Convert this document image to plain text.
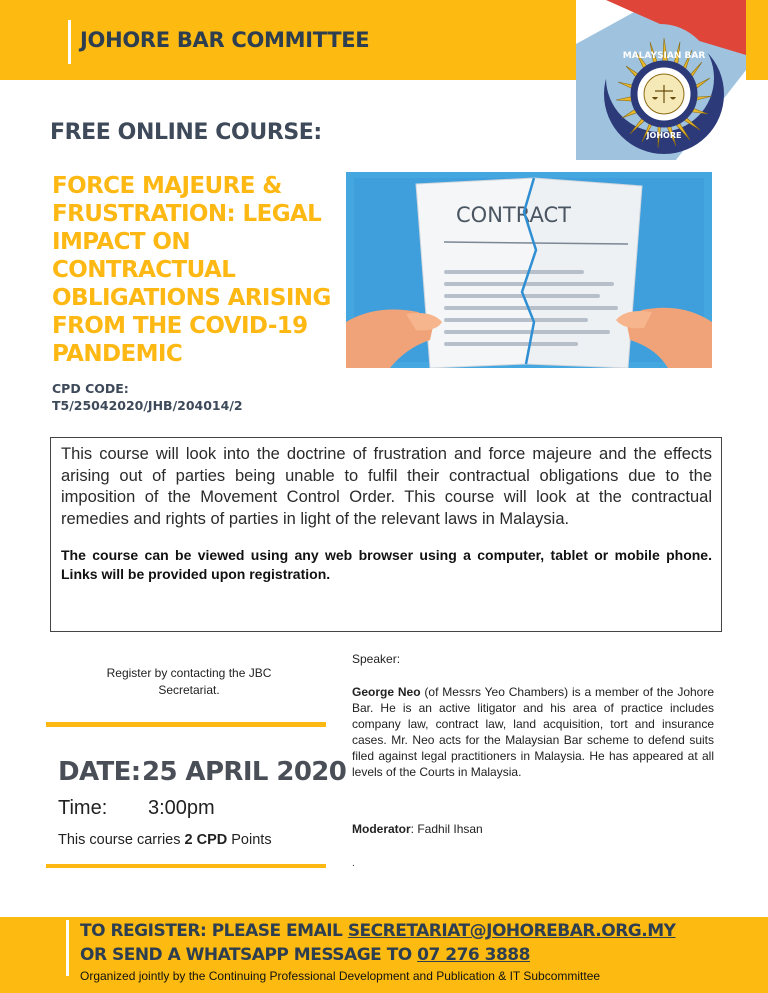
JOHORE BAR COMMITTEE
MALAYSIAN BAR
JOHORE
FREE ONLINE COURSE:
FORCE MAJEURE & FRUSTRATION: LEGAL IMPACT ON CONTRACTUAL OBLIGATIONS ARISING FROM THE COVID-19 PANDEMIC
CPD CODE:
T5/25042020/JHB/204014/2
CONTRACT

This course will look into the doctrine of frustration and force majeure and the effects arising out of parties being unable to fulfil their contractual obligations due to the imposition of the Movement Control Order. This course will look at the contractual remedies and rights of parties in light of the relevant laws in Malaysia.

The course can be viewed using any web browser using a computer, tablet or mobile phone. Links will be provided upon registration.

Register by contacting the JBC Secretariat.
DATE: 25 APRIL 2020
Time: 3:00pm
This course carries 2 CPD Points
Speaker:

George Neo (of Messrs Yeo Chambers) is a member of the Johore Bar. He is an active litigator and his area of practice includes company law, contract law, land acquisition, tort and insurance cases. Mr. Neo acts for the Malaysian Bar scheme to defend suits filed against legal practitioners in Malaysia. He has appeared at all levels of the Courts in Malaysia.

Moderator: Fadhil Ihsan
.
TO REGISTER: PLEASE EMAIL SECRETARIAT@JOHOREBAR.ORG.MY
OR SEND A WHATSAPP MESSAGE TO 07 276 3888
Organized jointly by the Continuing Professional Development and Publication & IT Subcommittee
